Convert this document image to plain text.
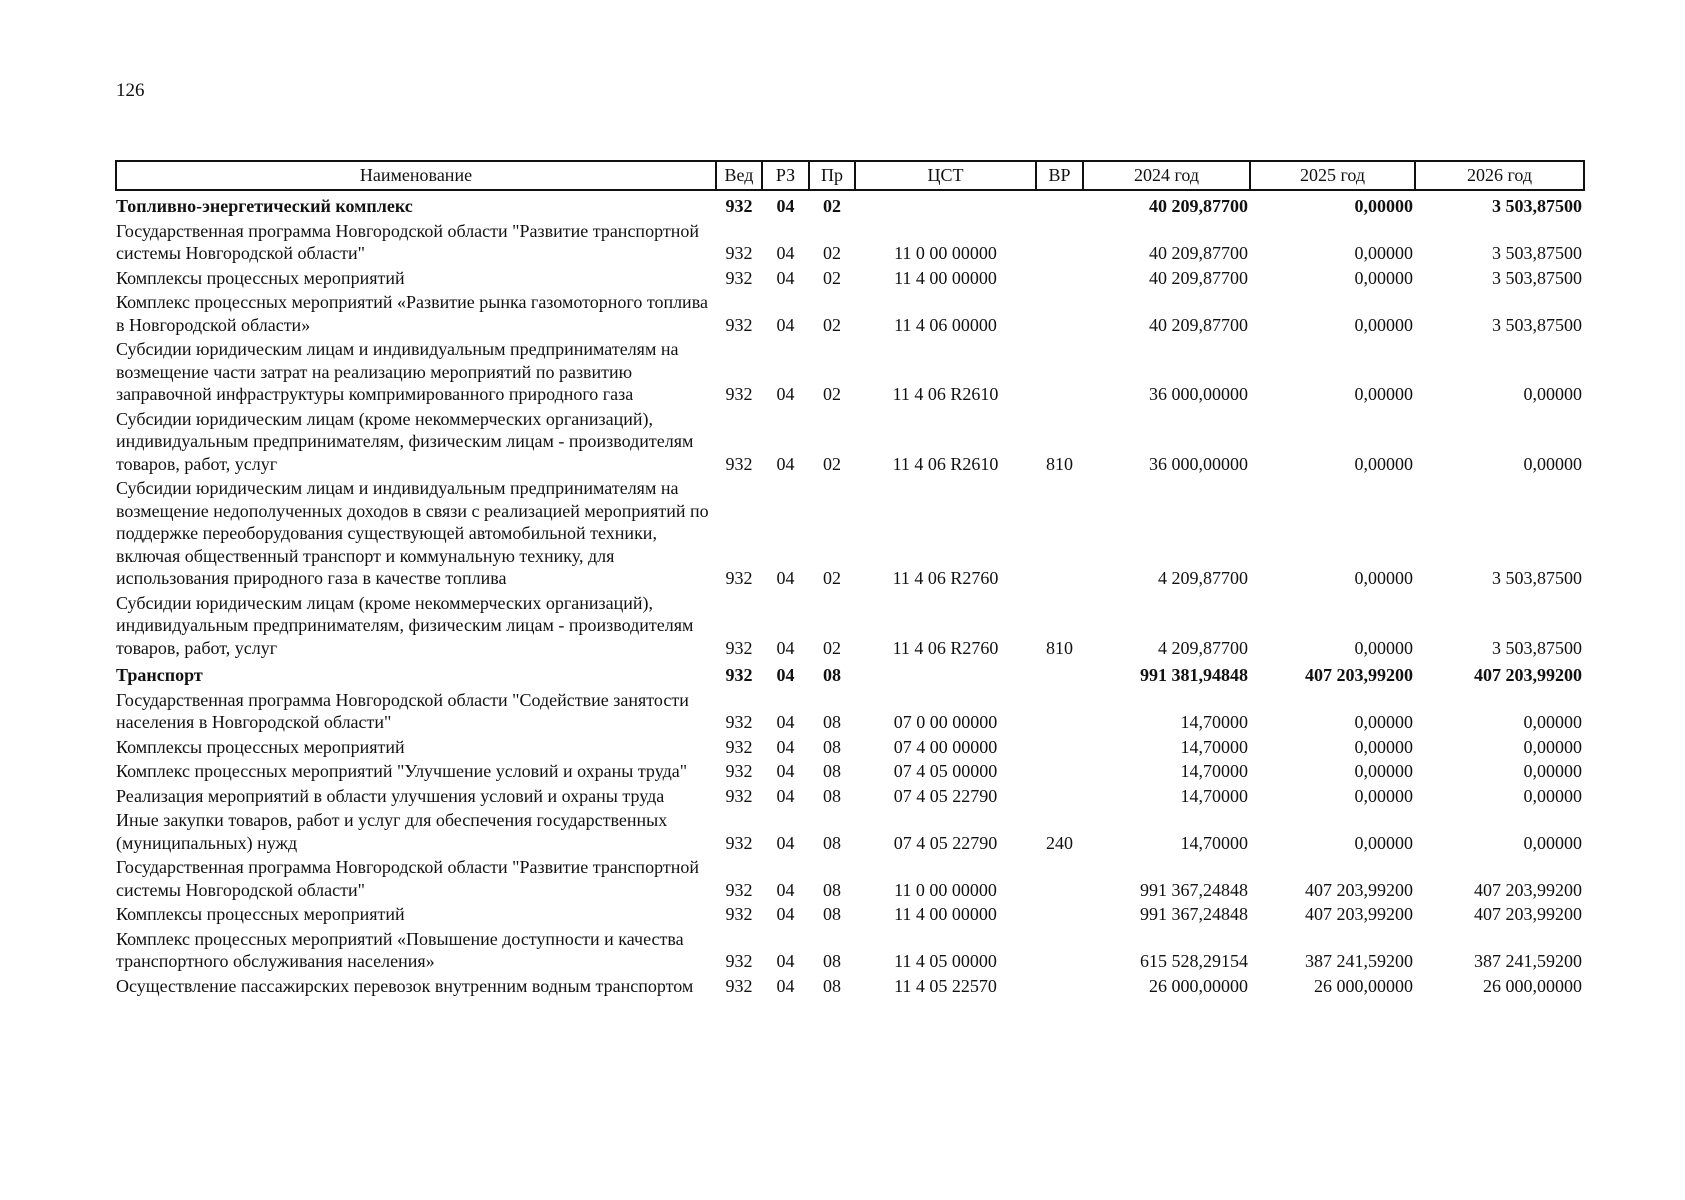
126
Наименование	Вед	РЗ	Пр	ЦСТ	ВР	2024 год	2025 год	2026 год
Топливно-энергетический комплекс	932	04	02			40 209,87700	0,00000	3 503,87500
Государственная программа Новгородской области "Развитие транспортной системы Новгородской области"	932	04	02	11 0 00 00000		40 209,87700	0,00000	3 503,87500
Комплексы процессных мероприятий	932	04	02	11 4 00 00000		40 209,87700	0,00000	3 503,87500
Комплекс процессных мероприятий «Развитие рынка газомоторного топлива в Новгородской области»	932	04	02	11 4 06 00000		40 209,87700	0,00000	3 503,87500
Субсидии юридическим лицам и индивидуальным предпринимателям на возмещение части затрат на реализацию мероприятий по развитию заправочной инфраструктуры компримированного природного газа	932	04	02	11 4 06 R2610		36 000,00000	0,00000	0,00000
Субсидии юридическим лицам (кроме некоммерческих организаций), индивидуальным предпринимателям, физическим лицам - производителям товаров, работ, услуг	932	04	02	11 4 06 R2610	810	36 000,00000	0,00000	0,00000
Субсидии юридическим лицам и индивидуальным предпринимателям на возмещение недополученных доходов в связи с реализацией мероприятий по поддержке переоборудования существующей автомобильной техники, включая общественный транспорт и коммунальную технику, для использования природного газа в качестве топлива	932	04	02	11 4 06 R2760		4 209,87700	0,00000	3 503,87500
Субсидии юридическим лицам (кроме некоммерческих организаций), индивидуальным предпринимателям, физическим лицам - производителям товаров, работ, услуг	932	04	02	11 4 06 R2760	810	4 209,87700	0,00000	3 503,87500
Транспорт	932	04	08			991 381,94848	407 203,99200	407 203,99200
Государственная программа Новгородской области "Содействие занятости населения в Новгородской области"	932	04	08	07 0 00 00000		14,70000	0,00000	0,00000
Комплексы процессных мероприятий	932	04	08	07 4 00 00000		14,70000	0,00000	0,00000
Комплекс процессных мероприятий "Улучшение условий и охраны труда"	932	04	08	07 4 05 00000		14,70000	0,00000	0,00000
Реализация мероприятий в области улучшения условий и охраны труда	932	04	08	07 4 05 22790		14,70000	0,00000	0,00000
Иные закупки товаров, работ и услуг для обеспечения государственных (муниципальных) нужд	932	04	08	07 4 05 22790	240	14,70000	0,00000	0,00000
Государственная программа Новгородской области "Развитие транспортной системы Новгородской области"	932	04	08	11 0 00 00000		991 367,24848	407 203,99200	407 203,99200
Комплексы процессных мероприятий	932	04	08	11 4 00 00000		991 367,24848	407 203,99200	407 203,99200
Комплекс процессных мероприятий «Повышение доступности и качества транспортного обслуживания населения»	932	04	08	11 4 05 00000		615 528,29154	387 241,59200	387 241,59200
Осуществление пассажирских перевозок внутренним водным транспортом	932	04	08	11 4 05 22570		26 000,00000	26 000,00000	26 000,00000
